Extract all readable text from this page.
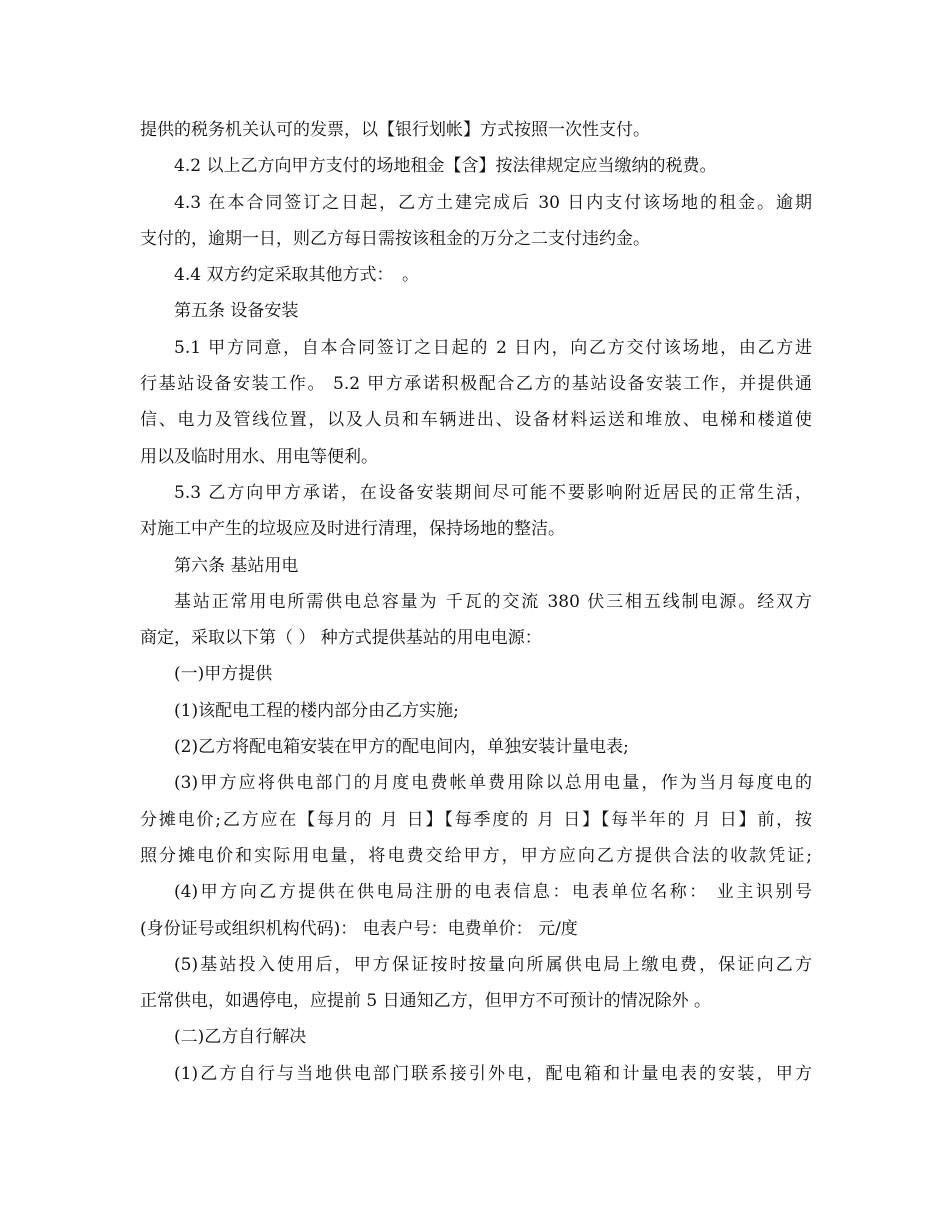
提供的税务机关认可的发票，以【银行划帐】方式按照一次性支付。
4.2 以上乙方向甲方支付的场地租金【含】按法律规定应当缴纳的税费。
4.3 在本合同签订之日起，乙方土建完成后 30 日内支付该场地的租金。逾期
支付的，逾期一日，则乙方每日需按该租金的万分之二支付违约金。
4.4 双方约定采取其他方式：　。
第五条 设备安装
5.1 甲方同意，自本合同签订之日起的 2 日内，向乙方交付该场地，由乙方进
行基站设备安装工作。 5.2 甲方承诺积极配合乙方的基站设备安装工作，并提供通
信、电力及管线位置，以及人员和车辆进出、设备材料运送和堆放、电梯和楼道使
用以及临时用水、用电等便利。
5.3 乙方向甲方承诺，在设备安装期间尽可能不要影响附近居民的正常生活，
对施工中产生的垃圾应及时进行清理，保持场地的整洁。
第六条 基站用电
基站正常用电所需供电总容量为 千瓦的交流 380 伏三相五线制电源。经双方
商定，采取以下第（ ） 种方式提供基站的用电电源：
(一)甲方提供
(1)该配电工程的楼内部分由乙方实施;
(2)乙方将配电箱安装在甲方的配电间内，单独安装计量电表;
(3)甲方应将供电部门的月度电费帐单费用除以总用电量，作为当月每度电的
分摊电价;乙方应在【每月的 月 日】【每季度的 月 日】【每半年的 月 日】前，按
照分摊电价和实际用电量，将电费交给甲方，甲方应向乙方提供合法的收款凭证;
(4)甲方向乙方提供在供电局注册的电表信息：电表单位名称： 业主识别号
(身份证号或组织机构代码)： 电表户号：电费单价： 元/度
(5)基站投入使用后，甲方保证按时按量向所属供电局上缴电费，保证向乙方
正常供电，如遇停电，应提前 5 日通知乙方，但甲方不可预计的情况除外 。
(二)乙方自行解决
(1)乙方自行与当地供电部门联系接引外电，配电箱和计量电表的安装，甲方
